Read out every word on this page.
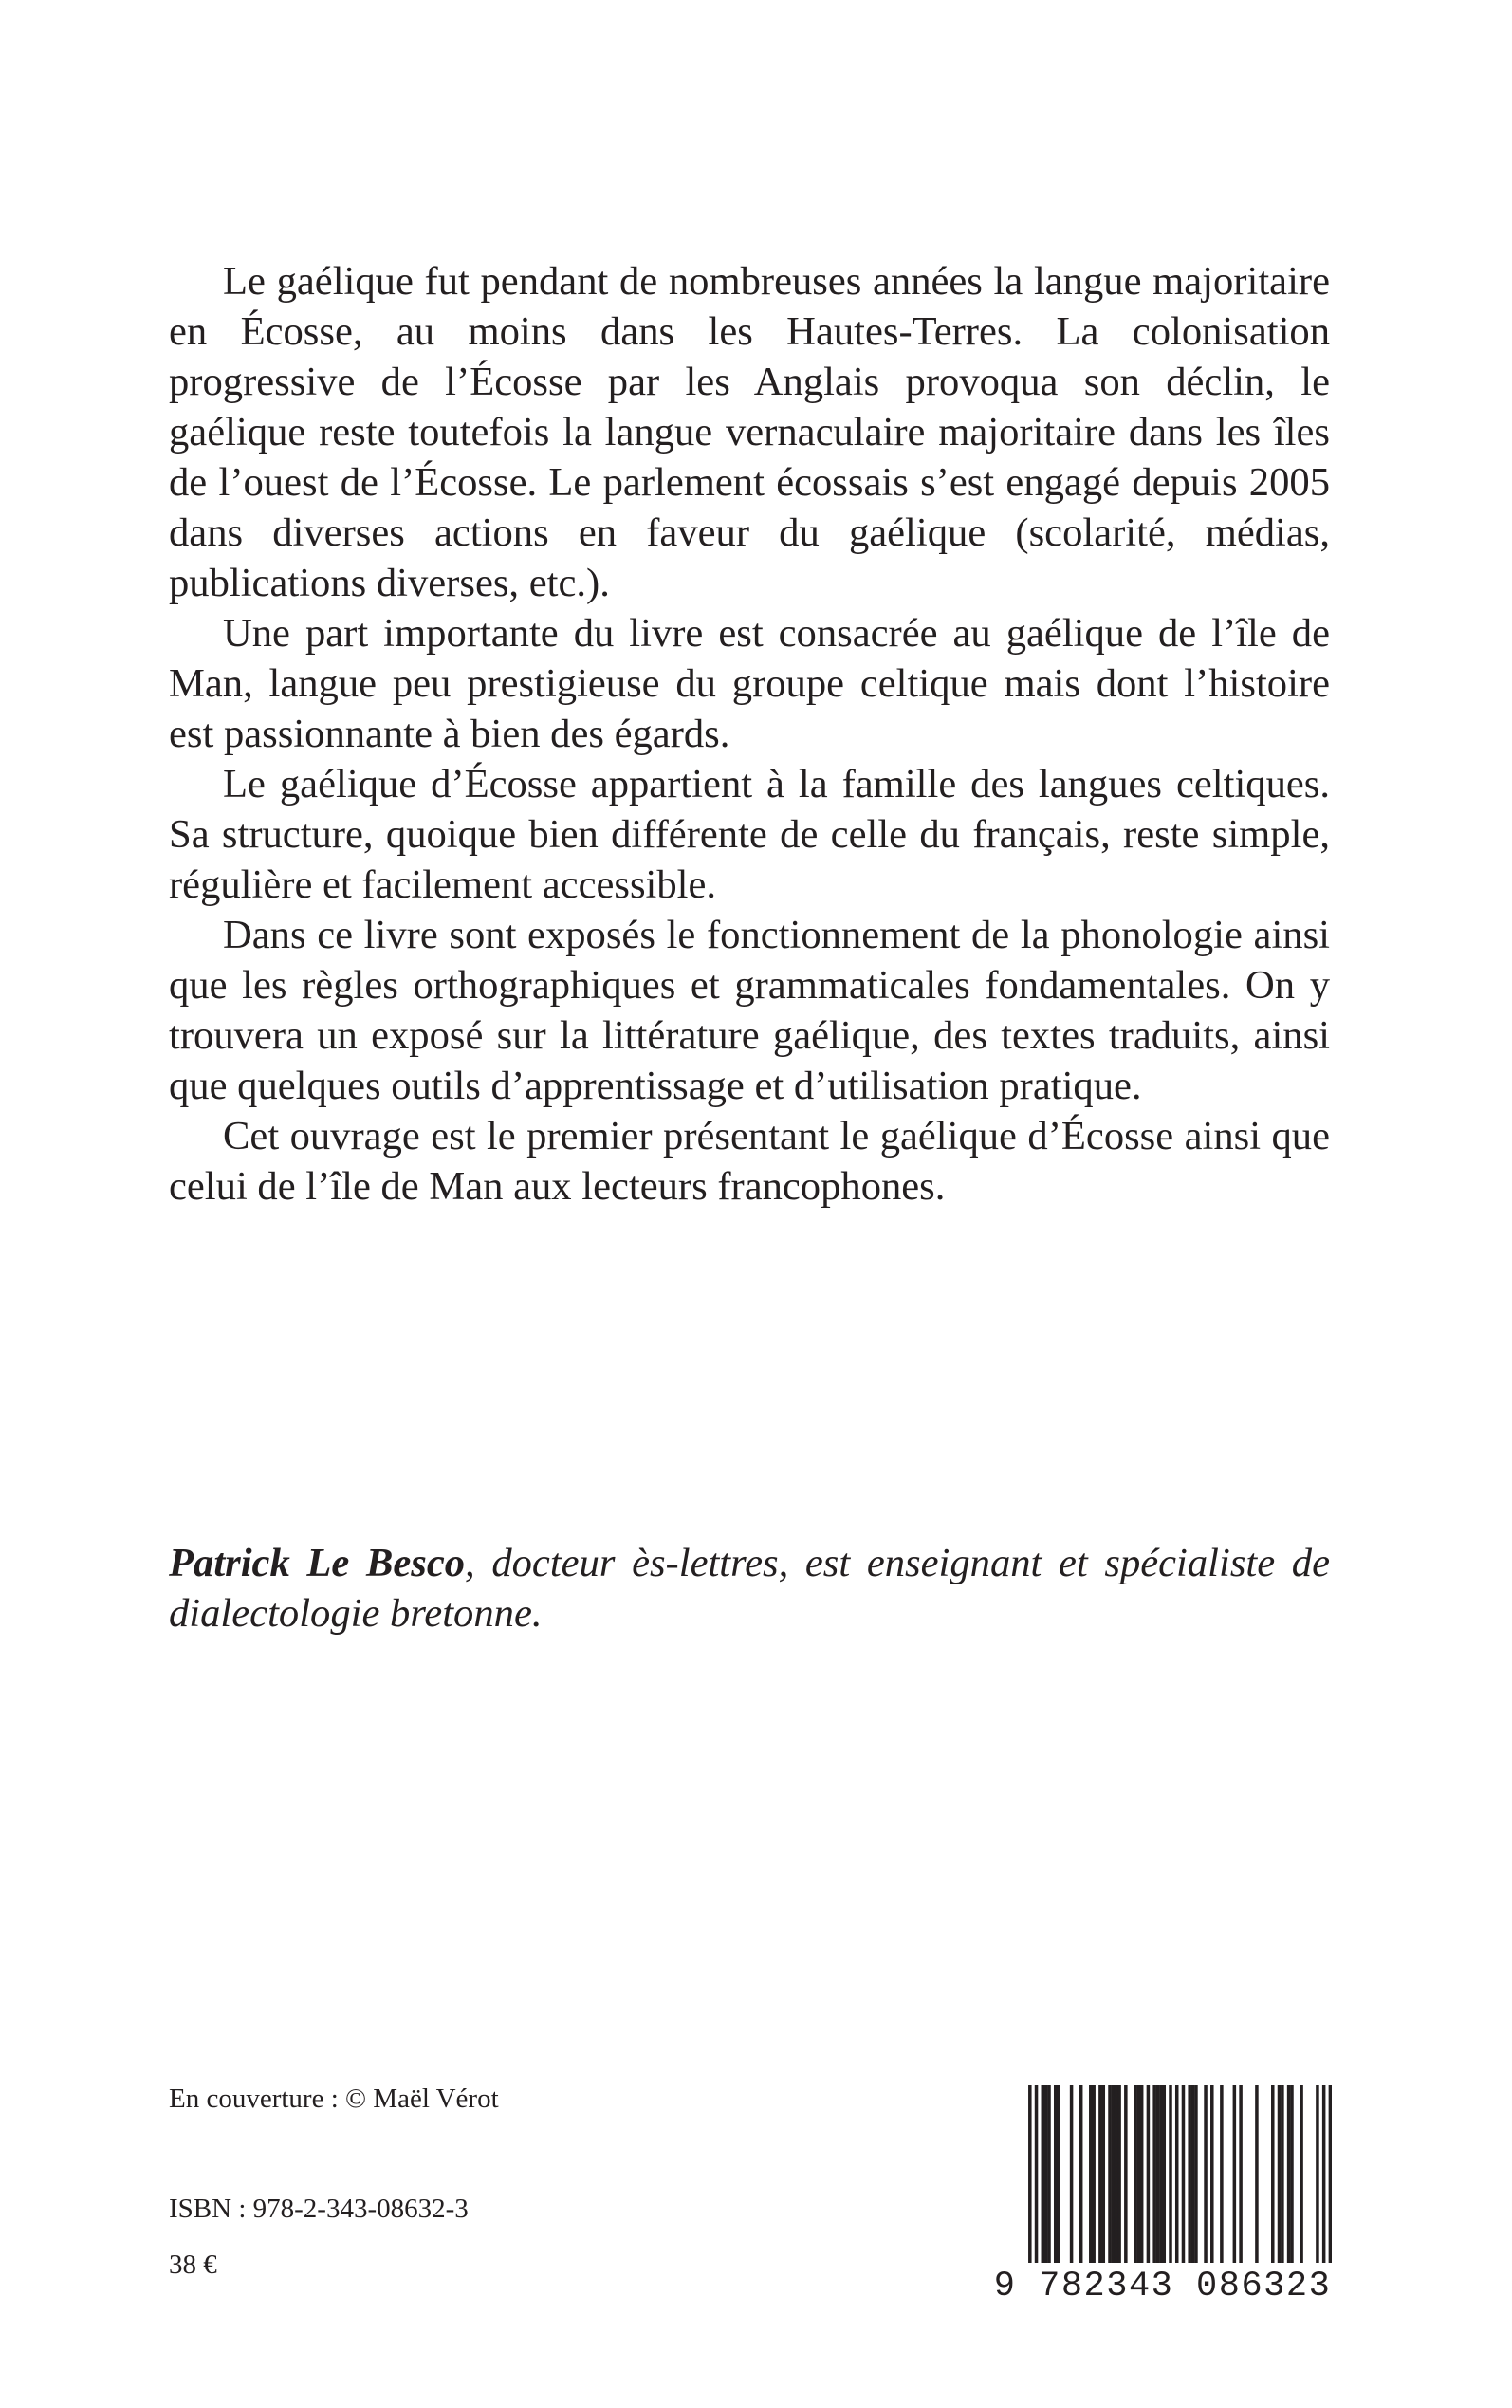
Le gaélique fut pendant de nombreuses années la langue majoritaire en Écosse, au moins dans les Hautes-Terres. La colonisation progressive de l’Écosse par les Anglais provoqua son déclin, le gaélique reste toutefois la langue vernaculaire majoritaire dans les îles de l’ouest de l’Écosse. Le parlement écossais s’est engagé depuis 2005 dans diverses actions en faveur du gaélique (scolarité, médias, publications diverses, etc.).

Une part importante du livre est consacrée au gaélique de l’île de Man, langue peu prestigieuse du groupe celtique mais dont l’histoire est passionnante à bien des égards.

Le gaélique d’Écosse appartient à la famille des langues celtiques. Sa structure, quoique bien différente de celle du français, reste simple, régulière et facilement accessible.

Dans ce livre sont exposés le fonctionnement de la phonologie ainsi que les règles orthographiques et grammaticales fondamentales. On y trouvera un exposé sur la littérature gaélique, des textes traduits, ainsi que quelques outils d’apprentissage et d’utilisation pratique.

Cet ouvrage est le premier présentant le gaélique d’Écosse ainsi que celui de l’île de Man aux lecteurs francophones.

Patrick Le Besco, docteur ès-lettres, est enseignant et spécialiste de dialectologie bretonne.

En couverture : © Maël Vérot
ISBN : 978-2-343-08632-3
38 €
9 782343 086323
